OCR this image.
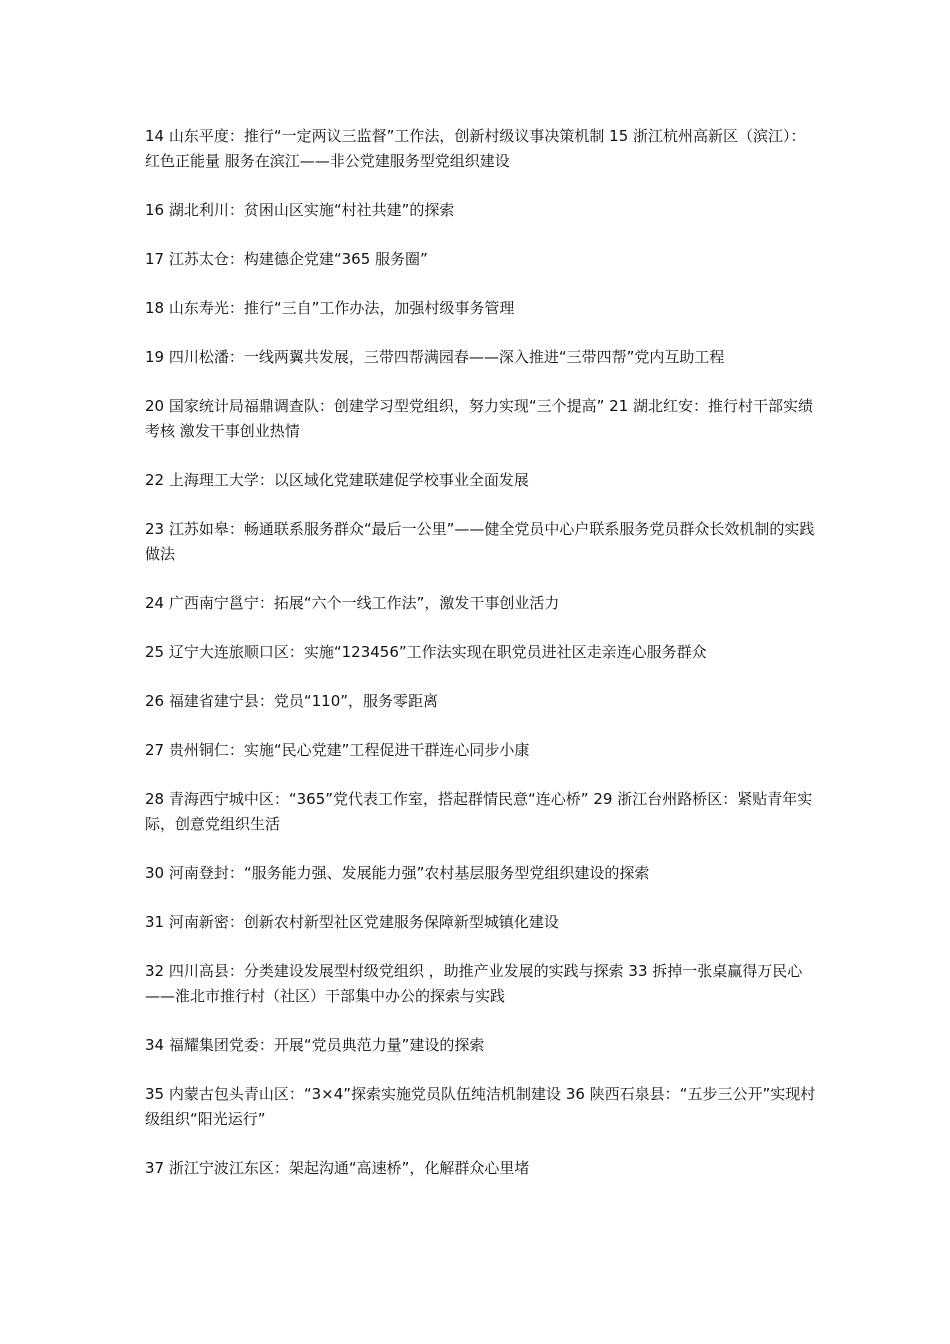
14 山东平度：推行“一定两议三监督”工作法，创新村级议事决策机制 15 浙江杭州高新区（滨江）：红色正能量 服务在滨江——非公党建服务型党组织建设

16 湖北利川：贫困山区实施“村社共建”的探索

17 江苏太仓：构建德企党建“365 服务圈”

18 山东寿光：推行“三自”工作办法，加强村级事务管理

19 四川松潘：一线两翼共发展，三带四帮满园春——深入推进“三带四帮”党内互助工程

20 国家统计局福鼎调查队：创建学习型党组织，努力实现“三个提高” 21 湖北红安：推行村干部实绩考核 激发干事创业热情

22 上海理工大学：以区域化党建联建促学校事业全面发展

23 江苏如皋：畅通联系服务群众“最后一公里”——健全党员中心户联系服务党员群众长效机制的实践做法

24 广西南宁邕宁：拓展“六个一线工作法”，激发干事创业活力

25 辽宁大连旅顺口区：实施“123456”工作法实现在职党员进社区走亲连心服务群众

26 福建省建宁县：党员“110”，服务零距离

27 贵州铜仁：实施“民心党建”工程促进干群连心同步小康

28 青海西宁城中区：“365”党代表工作室，搭起群情民意“连心桥” 29 浙江台州路桥区：紧贴青年实际，创意党组织生活

30 河南登封：“服务能力强、发展能力强”农村基层服务型党组织建设的探索

31 河南新密：创新农村新型社区党建服务保障新型城镇化建设

32 四川高县：分类建设发展型村级党组织 ，助推产业发展的实践与探索 33 拆掉一张桌赢得万民心——淮北市推行村（社区）干部集中办公的探索与实践

34 福耀集团党委：开展“党员典范力量”建设的探索

35 内蒙古包头青山区：“3×4”探索实施党员队伍纯洁机制建设 36 陕西石泉县：“五步三公开”实现村级组织“阳光运行”

37 浙江宁波江东区：架起沟通“高速桥”，化解群众心里堵
